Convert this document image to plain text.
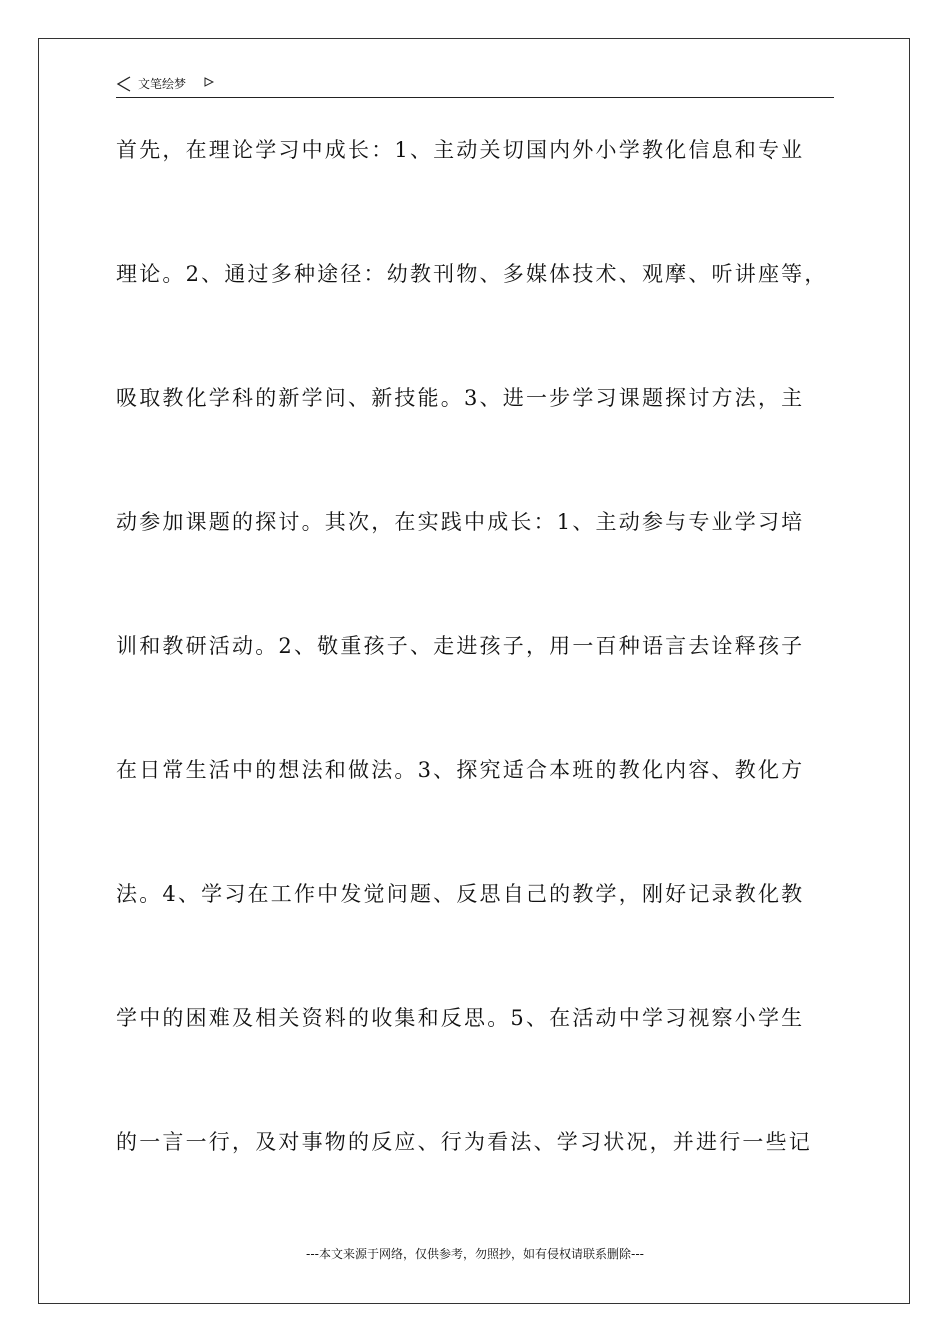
文笔绘梦
首先，在理论学习中成长：1、主动关切国内外小学教化信息和专业
理论。2、通过多种途径：幼教刊物、多媒体技术、观摩、听讲座等，
吸取教化学科的新学问、新技能。3、进一步学习课题探讨方法，主
动参加课题的探讨。其次，在实践中成长：1、主动参与专业学习培
训和教研活动。2、敬重孩子、走进孩子，用一百种语言去诠释孩子
在日常生活中的想法和做法。3、探究适合本班的教化内容、教化方
法。4、学习在工作中发觉问题、反思自己的教学，刚好记录教化教
学中的困难及相关资料的收集和反思。5、在活动中学习视察小学生
的一言一行，及对事物的反应、行为看法、学习状况，并进行一些记
---本文来源于网络，仅供参考，勿照抄，如有侵权请联系删除---
